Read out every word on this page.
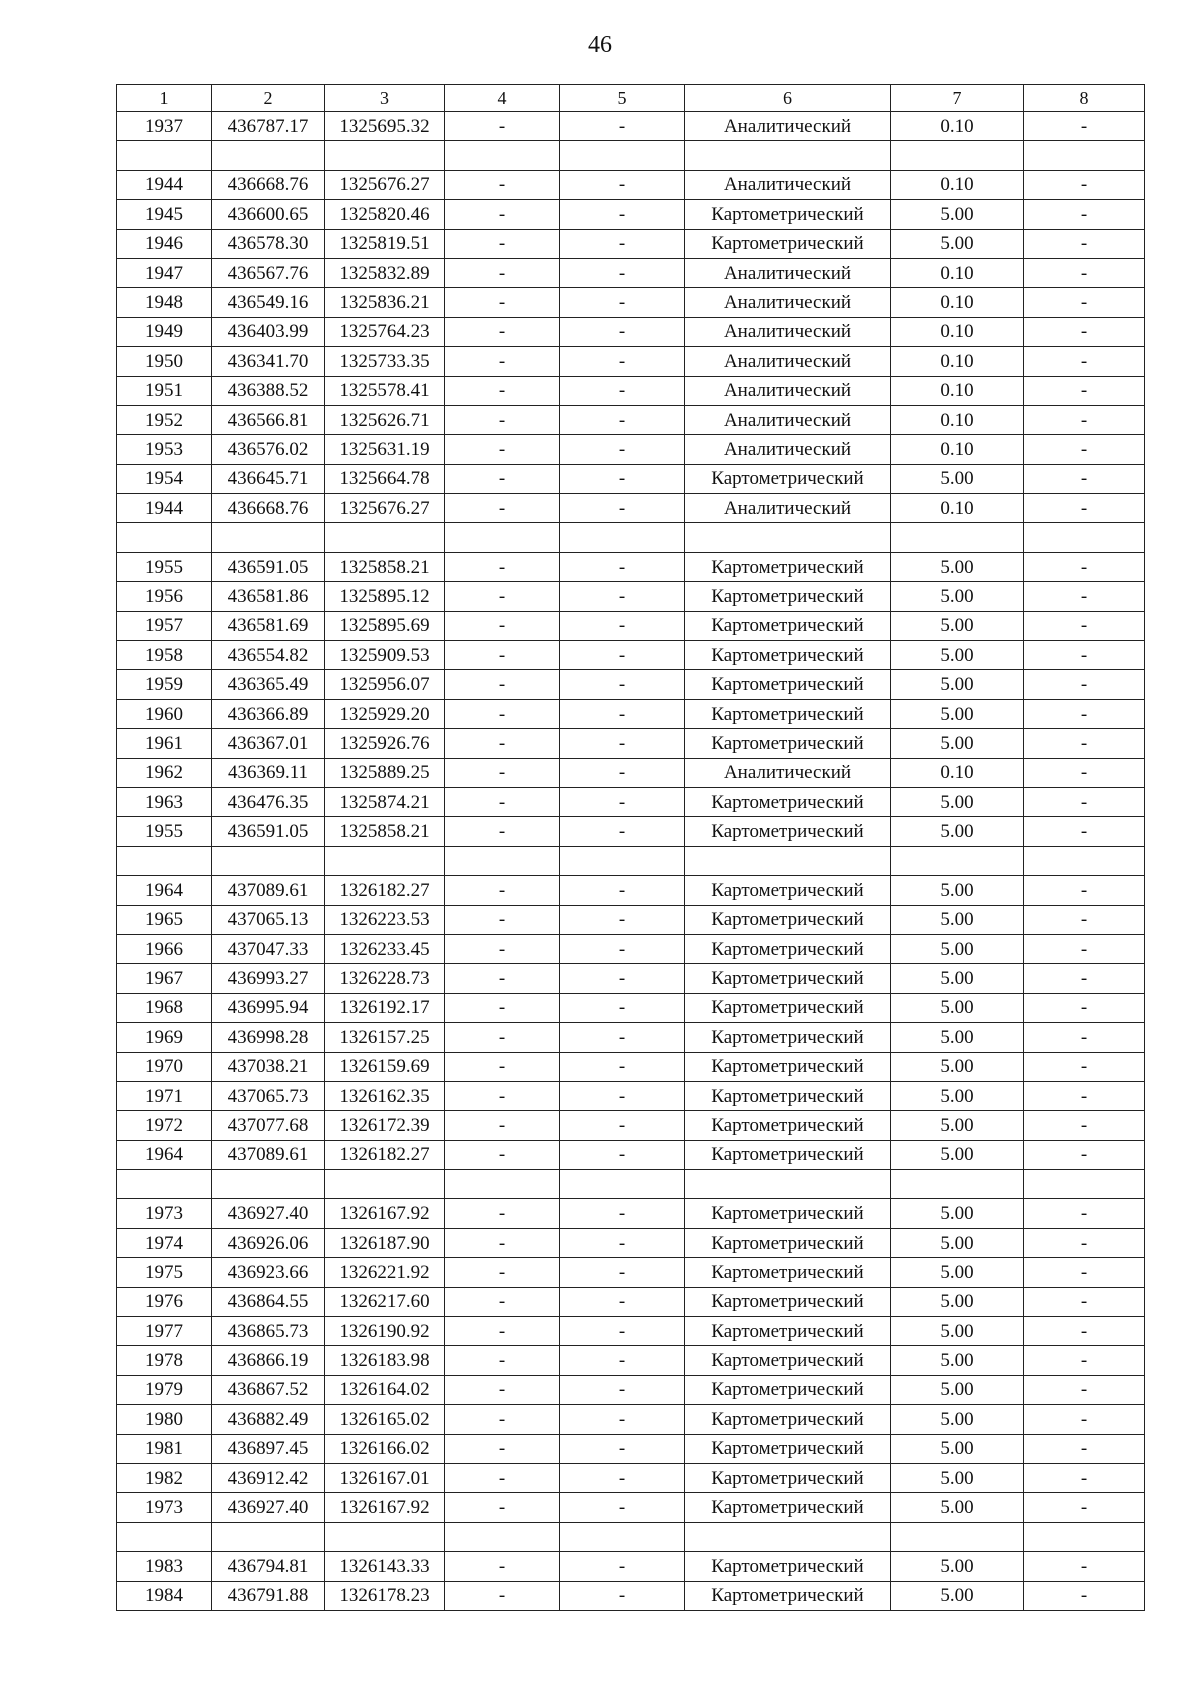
46
1	2	3	4	5	6	7	8
1937	436787.17	1325695.32	-	-	Аналитический	0.10	-

1944	436668.76	1325676.27	-	-	Аналитический	0.10	-
1945	436600.65	1325820.46	-	-	Картометрический	5.00	-
1946	436578.30	1325819.51	-	-	Картометрический	5.00	-
1947	436567.76	1325832.89	-	-	Аналитический	0.10	-
1948	436549.16	1325836.21	-	-	Аналитический	0.10	-
1949	436403.99	1325764.23	-	-	Аналитический	0.10	-
1950	436341.70	1325733.35	-	-	Аналитический	0.10	-
1951	436388.52	1325578.41	-	-	Аналитический	0.10	-
1952	436566.81	1325626.71	-	-	Аналитический	0.10	-
1953	436576.02	1325631.19	-	-	Аналитический	0.10	-
1954	436645.71	1325664.78	-	-	Картометрический	5.00	-
1944	436668.76	1325676.27	-	-	Аналитический	0.10	-

1955	436591.05	1325858.21	-	-	Картометрический	5.00	-
1956	436581.86	1325895.12	-	-	Картометрический	5.00	-
1957	436581.69	1325895.69	-	-	Картометрический	5.00	-
1958	436554.82	1325909.53	-	-	Картометрический	5.00	-
1959	436365.49	1325956.07	-	-	Картометрический	5.00	-
1960	436366.89	1325929.20	-	-	Картометрический	5.00	-
1961	436367.01	1325926.76	-	-	Картометрический	5.00	-
1962	436369.11	1325889.25	-	-	Аналитический	0.10	-
1963	436476.35	1325874.21	-	-	Картометрический	5.00	-
1955	436591.05	1325858.21	-	-	Картометрический	5.00	-

1964	437089.61	1326182.27	-	-	Картометрический	5.00	-
1965	437065.13	1326223.53	-	-	Картометрический	5.00	-
1966	437047.33	1326233.45	-	-	Картометрический	5.00	-
1967	436993.27	1326228.73	-	-	Картометрический	5.00	-
1968	436995.94	1326192.17	-	-	Картометрический	5.00	-
1969	436998.28	1326157.25	-	-	Картометрический	5.00	-
1970	437038.21	1326159.69	-	-	Картометрический	5.00	-
1971	437065.73	1326162.35	-	-	Картометрический	5.00	-
1972	437077.68	1326172.39	-	-	Картометрический	5.00	-
1964	437089.61	1326182.27	-	-	Картометрический	5.00	-

1973	436927.40	1326167.92	-	-	Картометрический	5.00	-
1974	436926.06	1326187.90	-	-	Картометрический	5.00	-
1975	436923.66	1326221.92	-	-	Картометрический	5.00	-
1976	436864.55	1326217.60	-	-	Картометрический	5.00	-
1977	436865.73	1326190.92	-	-	Картометрический	5.00	-
1978	436866.19	1326183.98	-	-	Картометрический	5.00	-
1979	436867.52	1326164.02	-	-	Картометрический	5.00	-
1980	436882.49	1326165.02	-	-	Картометрический	5.00	-
1981	436897.45	1326166.02	-	-	Картометрический	5.00	-
1982	436912.42	1326167.01	-	-	Картометрический	5.00	-
1973	436927.40	1326167.92	-	-	Картометрический	5.00	-

1983	436794.81	1326143.33	-	-	Картометрический	5.00	-
1984	436791.88	1326178.23	-	-	Картометрический	5.00	-
